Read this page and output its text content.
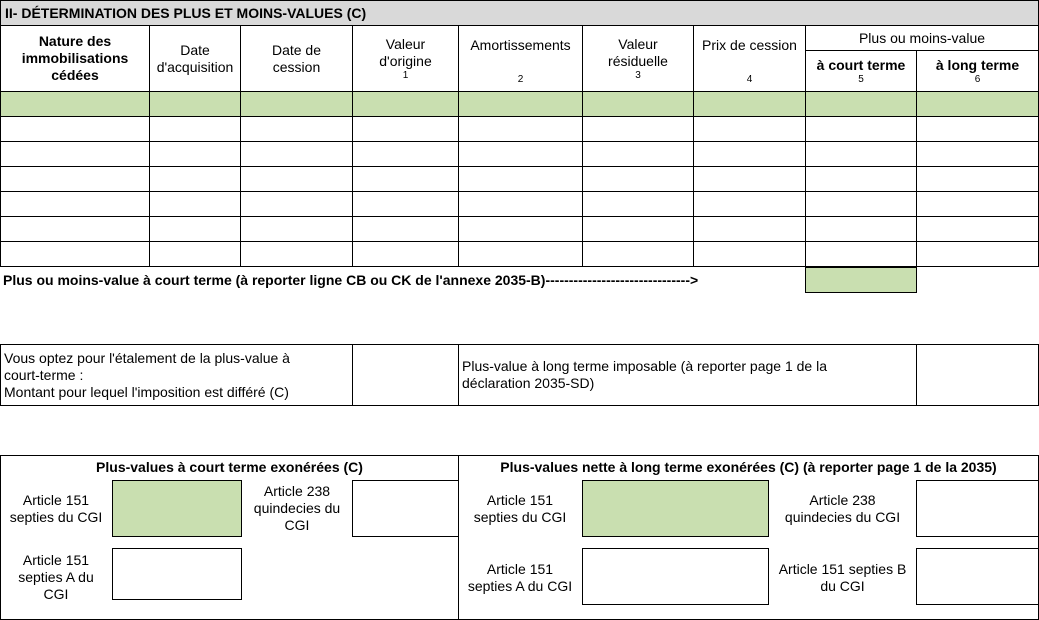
II- DÉTERMINATION DES PLUS ET MOINS-VALUES (C)
Nature des immobilisations cédées
Date d'acquisition
Date de cession
Valeur d'origine
1
Amortissements
2
Valeur résiduelle
3
Prix de cession
4
Plus ou moins-value
à court terme
5
à long terme
6
Plus ou moins-value à court terme (à reporter ligne CB ou CK de l'annexe 2035-B)------------------------------->
Vous optez pour l'étalement de la plus-value à
court-terme :
Montant pour lequel l'imposition est différé (C)
Plus-value à long terme imposable (à reporter page 1 de la
déclaration 2035-SD)
Plus-values à court terme exonérées (C)	Plus-values nette à long terme exonérées (C) (à reporter page 1 de la 2035)
Article 151
septies du CGI
Article 238
quindecies du
CGI
Article 151
septies A du
CGI
Article 151
septies du CGI
Article 238
quindecies du CGI
Article 151
septies A du CGI
Article 151 septies B
du CGI
